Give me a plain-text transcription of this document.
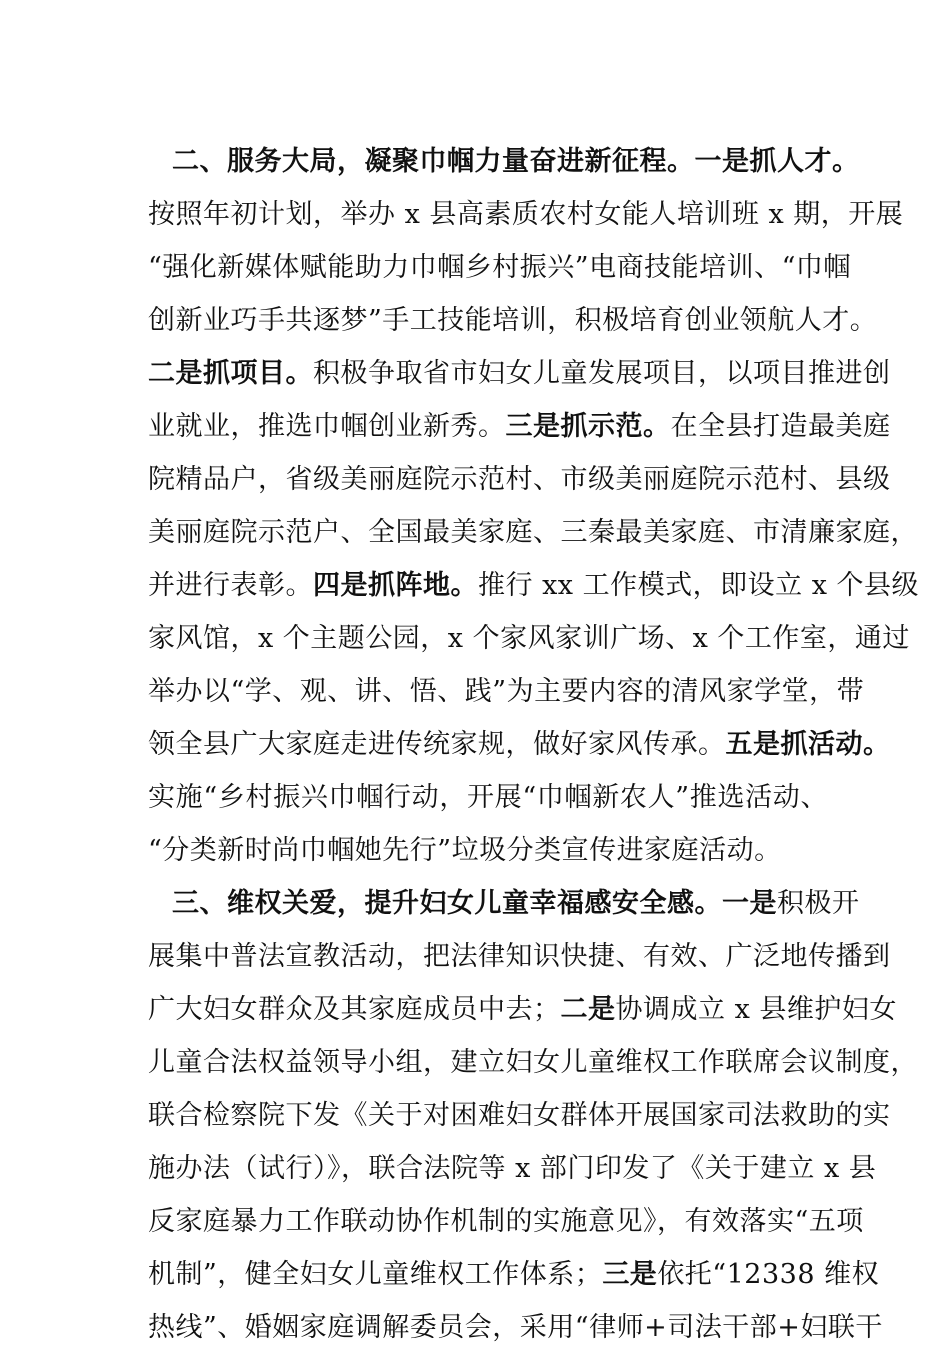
二、服务大局，凝聚巾帼力量奋进新征程。一是抓人才。
按照年初计划，举办 x 县高素质农村女能人培训班 x 期，开展
“强化新媒体赋能助力巾帼乡村振兴”电商技能培训、“巾帼
创新业巧手共逐梦”手工技能培训，积极培育创业领航人才。
二是抓项目。积极争取省市妇女儿童发展项目，以项目推进创
业就业，推选巾帼创业新秀。三是抓示范。在全县打造最美庭
院精品户，省级美丽庭院示范村、市级美丽庭院示范村、县级
美丽庭院示范户、全国最美家庭、三秦最美家庭、市清廉家庭，
并进行表彰。四是抓阵地。推行 xx 工作模式，即设立 x 个县级
家风馆，x 个主题公园，x 个家风家训广场、x 个工作室，通过
举办以“学、观、讲、悟、践”为主要内容的清风家学堂，带
领全县广大家庭走进传统家规，做好家风传承。五是抓活动。
实施“乡村振兴巾帼行动，开展“巾帼新农人”推选活动、
“分类新时尚巾帼她先行”垃圾分类宣传进家庭活动。
三、维权关爱，提升妇女儿童幸福感安全感。一是积极开
展集中普法宣教活动，把法律知识快捷、有效、广泛地传播到
广大妇女群众及其家庭成员中去；二是协调成立 x 县维护妇女
儿童合法权益领导小组，建立妇女儿童维权工作联席会议制度，
联合检察院下发《关于对困难妇女群体开展国家司法救助的实
施办法（试行）》，联合法院等 x 部门印发了《关于建立 x 县
反家庭暴力工作联动协作机制的实施意见》，有效落实“五项
机制”，健全妇女儿童维权工作体系；三是依托“12338 维权
热线”、婚姻家庭调解委员会，采用“律师+司法干部+妇联干
